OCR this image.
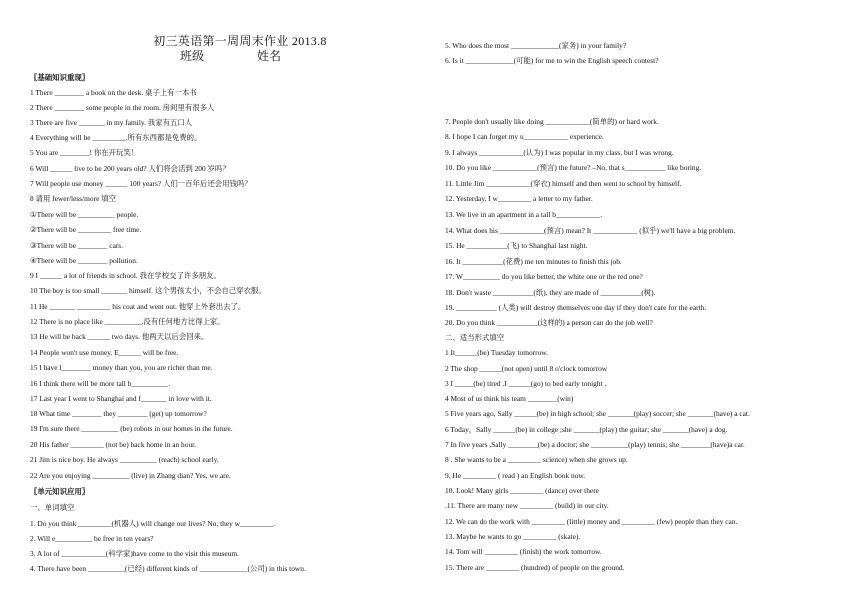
初三英语第一周周末作业 2013.8
班级	姓名
〖基础知识重现〗
1 There ________ a book on the desk. 桌子上有一本书
2 There ________ some people in the room. 房间里有很多人
3 There are five _______ in my family. 我家有五口人
4 Everything will be _________.所有东西都是免费的。
5 You are ________! 你在开玩笑！
6 Will ______ live to be 200 years old? 人们将会活到 200 岁吗？
7 Will people use money ______ 100 years? 人们一百年后还会用钱吗？
8 请用 fewer/less/more 填空
①There will be __________ people.
②There will be _________ free time.
③There will be ________ cars.
④There will be ________ pollution.
9 I ______ a lot of friends in school. 我在学校交了许多朋友。
10 The boy is too small _______ himself. 这个男孩太小，不会自己穿衣服。
11 He _______ _________ his coat and went out. 他穿上外套出去了。
12 There is no place like __________.没有任何地方比得上家。
13 He will be back ______ two days. 他两天以后会回来。
14 People won't use money. E______ will be free.
15 I have l________ money than you, you are richer than me.
16 I think there will be more tall b__________.
17 Last year I went to Shanghai and f_______ in love with it.
18 What time ________ they ________ (get) up tomorrow?
19 I'm sure there __________ (be) robots in our homes in the future.
20 His father _________ (not be) back home in an hour.
21 Jim is nice boy. He always __________ (reach) school early.
22 Are you enjoying __________ (live) in Zhang dian? Yes, we are.
〖单元知识应用〗
一、单词填空
1. Do you think _________(机器人) will change our lives? No, they w_________.
2. Will e__________ be free in ten years?
3. A lot of ____________(科学家)have come to the visit this museum.
4. There have been __________(已经) different kinds of _____________(公司) in this town.
5. Who does the most _____________(家务) in your family?
6. Is it _____________(可能) for me to win the English speech contest?
7. People don't usually like doing ____________(简单的) or hard work.
8. I hope I can forget my u____________ experience.
9. I always ____________(认为) I was popular in my class, but I was wrong.
10. Do you like ____________(预言) the future? –No, that s___________ like boring.
11. Little Jim ____________(穿衣) himself and then went to school by himself.
12. Yesterday, I w_________ a letter to my father.
13. We live in an apartment in a tall b____________.
14. What does his ____________(预言) mean? It ____________ (似乎) we'll have a big problem.
15. He ___________(飞) to Shanghai last night.
16. It ___________(花费) me ten minutes to finish this job.
17. W__________ do you like better, the white one or the red one?
18. Don't waste ___________(纸), they are made of ___________(树).
19. ___________ (人类) will destroy themselves one day if they don't care for the earth.
20. Do you think ___________(这样的) a person can do the job well?
二、适当形式填空
1 It______(be) Tuesday tomorrow.
2 The shop ______(not open) until 8 o'clock tomorrow
3 I _____(be) tired .I ______(go) to bed early tonight .
4 Most of us think his team ________(win)
5 Five years ago, Sally ______(be) in high school; she _______(play) soccer; she _______(have) a cat.
6 Today，Sally ______(be) in college ;she _______(play) the guitar; she _______(have) a dog.
7 In five years ,Sally ________(be) a doctor; she __________(play) tennis; she ________(have)a car.
8 . She wants to be a _________ science) when she grows up.
9. He _________ ( read ) an English book now.
10. Look! Many girls _________ (dance) over there
.11. There are many new _________ (build) in our city.
12. We can do the work with _________ (little) money and _________ (few) people than they can.
13. Maybe he wants to go _________ (skate).
14. Tom will _________ (finish) the work tomorrow.
15. There are _________ (hundred) of people on the ground.
